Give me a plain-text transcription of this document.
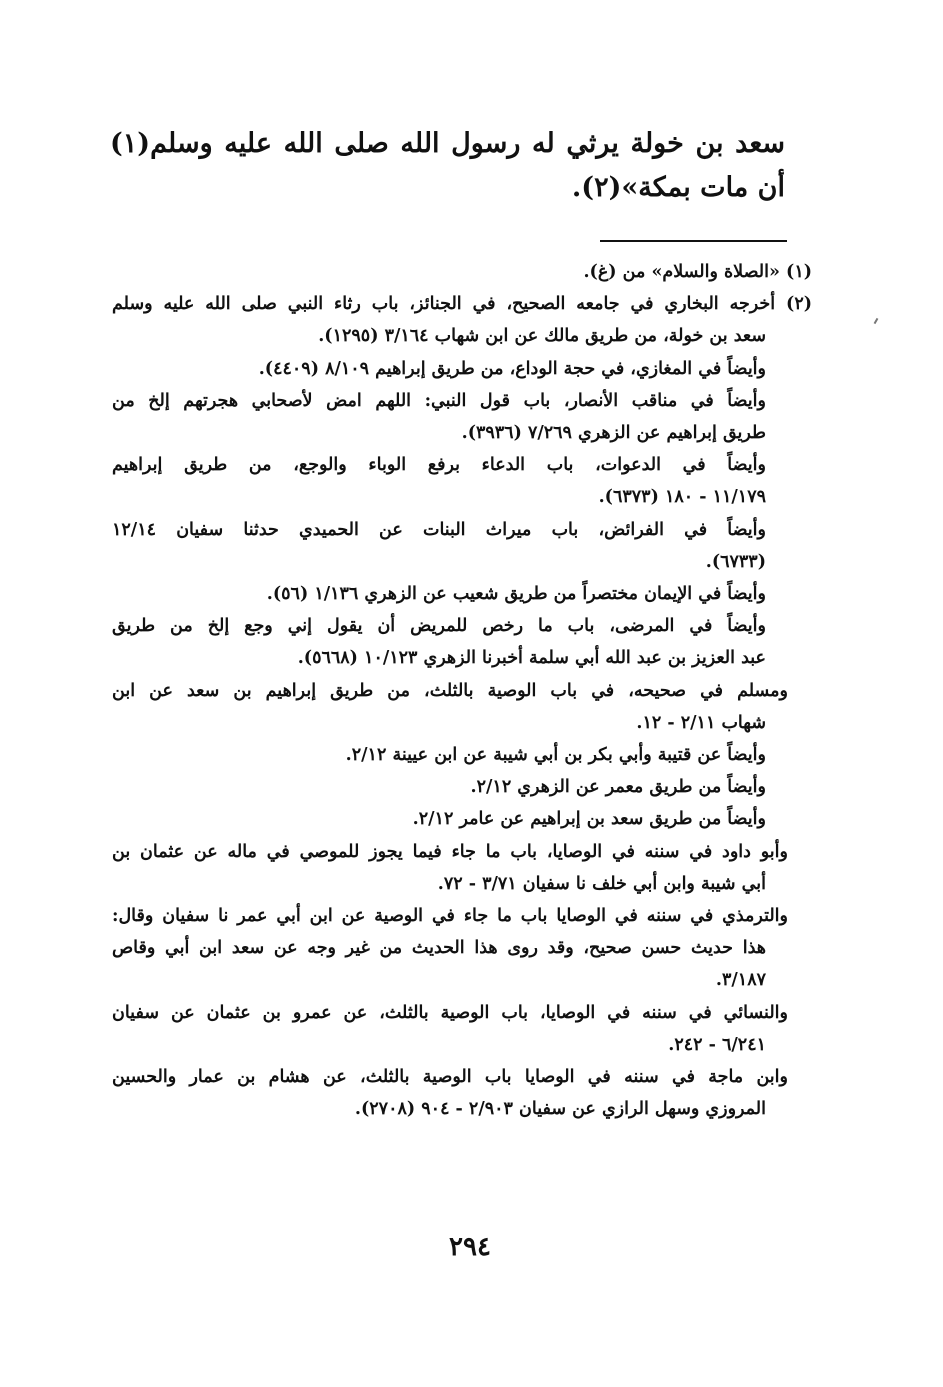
سعد بن خولة يرثي له رسول الله صلى الله عليه وسلم(١) أن مات بمكة»(٢).
(١) «الصلاة والسلام» من (غ).
(٢) أخرجه البخاري في جامعه الصحيح، في الجنائز، باب رثاء النبي صلى الله عليه وسلم
سعد بن خولة، من طريق مالك عن ابن شهاب ٣/١٦٤ (١٢٩٥).
وأيضاً في المغازي، في حجة الوداع، من طريق إبراهيم ٨/١٠٩ (٤٤٠٩).
وأيضاً في مناقب الأنصار، باب قول النبي: اللهم امض لأصحابي هجرتهم إلخ من
طريق إبراهيم عن الزهري ٧/٢٦٩ (٣٩٣٦).
وأيضاً في الدعوات، باب الدعاء برفع الوباء والوجع، من طريق إبراهيم
١١/١٧٩ - ١٨٠ (٦٣٧٣).
وأيضاً في الفرائض، باب ميراث البنات عن الحميدي حدثنا سفيان ١٢/١٤
(٦٧٣٣).
وأيضاً في الإيمان مختصراً من طريق شعيب عن الزهري ١/١٣٦ (٥٦).
وأيضاً في المرضى، باب ما رخص للمريض أن يقول إني وجع إلخ من طريق
عبد العزيز بن عبد الله أبي سلمة أخبرنا الزهري ١٠/١٢٣ (٥٦٦٨).
ومسلم في صحيحه، في باب الوصية بالثلث، من طريق إبراهيم بن سعد عن ابن
شهاب ٢/١١ - ١٢.
وأيضاً عن قتيبة وأبي بكر بن أبي شيبة عن ابن عيينة ٢/١٢.
وأيضاً من طريق معمر عن الزهري ٢/١٢.
وأيضاً من طريق سعد بن إبراهيم عن عامر ٢/١٢.
وأبو داود في سننه في الوصايا، باب ما جاء فيما يجوز للموصي في ماله عن عثمان بن
أبي شيبة وابن أبي خلف نا سفيان ٣/٧١ - ٧٢.
والترمذي في سننه في الوصايا باب ما جاء في الوصية عن ابن أبي عمر نا سفيان وقال:
هذا حديث حسن صحيح، وقد روى هذا الحديث من غير وجه عن سعد ابن أبي وقاص
٣/١٨٧.
والنسائي في سننه في الوصايا، باب الوصية بالثلث، عن عمرو بن عثمان عن سفيان
٦/٢٤١ - ٢٤٢.
وابن ماجة في سننه في الوصايا باب الوصية بالثلث، عن هشام بن عمار والحسين
المروزي وسهل الرازي عن سفيان ٢/٩٠٣ - ٩٠٤ (٢٧٠٨).
٢٩٤
